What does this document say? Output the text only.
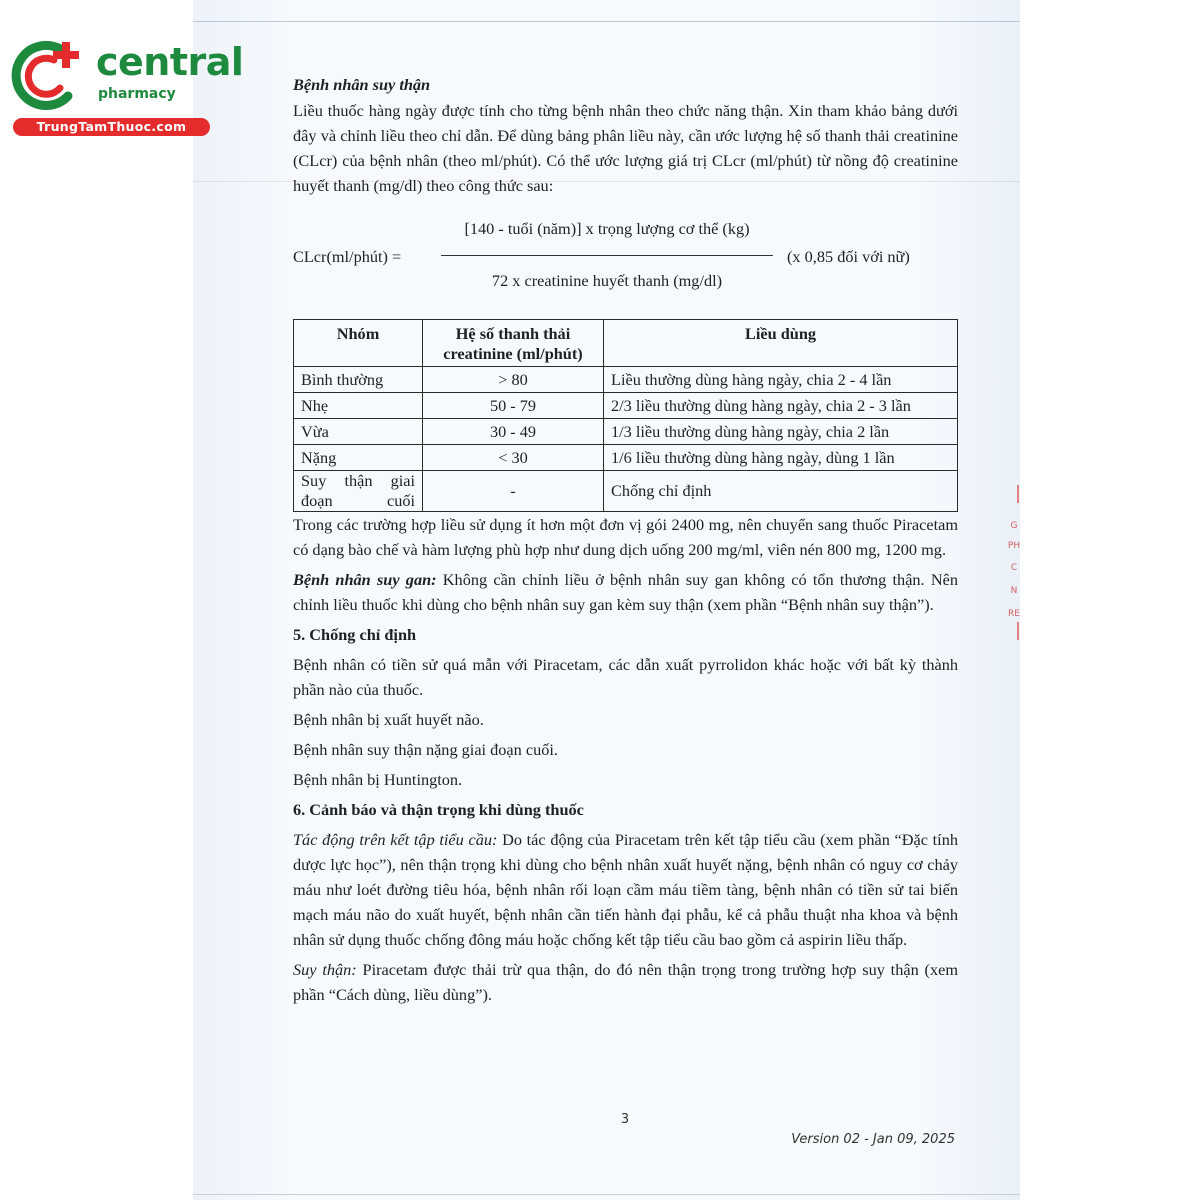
central
pharmacy
TrungTamThuoc.com
Bệnh nhân suy thận

Liều thuốc hàng ngày được tính cho từng bệnh nhân theo chức năng thận. Xin tham khảo bảng dưới đây và chỉnh liều theo chỉ dẫn. Để dùng bảng phân liều này, cần ước lượng hệ số thanh thải creatinine (CLcr) của bệnh nhân (theo ml/phút). Có thể ước lượng giá trị CLcr (ml/phút) từ nồng độ creatinine huyết thanh (mg/dl) theo công thức sau:

CLcr(ml/phút) =
[140 - tuổi (năm)] x trọng lượng cơ thể (kg)
72 x creatinine huyết thanh (mg/dl)
(x 0,85 đối với nữ)
Nhóm	Hệ số thanh thải creatinine (ml/phút)	Liều dùng
Bình thường	> 80	Liều thường dùng hàng ngày, chia 2 - 4 lần
Nhẹ	50 - 79	2/3 liều thường dùng hàng ngày, chia 2 - 3 lần
Vừa	30 - 49	1/3 liều thường dùng hàng ngày, chia 2 lần
Nặng	< 30	1/6 liều thường dùng hàng ngày, dùng 1 lần
Suy thận giai đoạn cuối	-	Chống chỉ định

Trong các trường hợp liều sử dụng ít hơn một đơn vị gói 2400 mg, nên chuyển sang thuốc Piracetam có dạng bào chế và hàm lượng phù hợp như dung dịch uống 200 mg/ml, viên nén 800 mg, 1200 mg.

Bệnh nhân suy gan: Không cần chỉnh liều ở bệnh nhân suy gan không có tổn thương thận. Nên chỉnh liều thuốc khi dùng cho bệnh nhân suy gan kèm suy thận (xem phần “Bệnh nhân suy thận”).

5. Chống chỉ định

Bệnh nhân có tiền sử quá mẫn với Piracetam, các dẫn xuất pyrrolidon khác hoặc với bất kỳ thành phần nào của thuốc.

Bệnh nhân bị xuất huyết não.

Bệnh nhân suy thận nặng giai đoạn cuối.

Bệnh nhân bị Huntington.

6. Cảnh báo và thận trọng khi dùng thuốc

Tác động trên kết tập tiểu cầu: Do tác động của Piracetam trên kết tập tiểu cầu (xem phần “Đặc tính dược lực học”), nên thận trọng khi dùng cho bệnh nhân xuất huyết nặng, bệnh nhân có nguy cơ chảy máu như loét đường tiêu hóa, bệnh nhân rối loạn cầm máu tiềm tàng, bệnh nhân có tiền sử tai biến mạch máu não do xuất huyết, bệnh nhân cần tiến hành đại phẫu, kể cả phẫu thuật nha khoa và bệnh nhân sử dụng thuốc chống đông máu hoặc chống kết tập tiểu cầu bao gồm cả aspirin liều thấp.

Suy thận: Piracetam được thải trừ qua thận, do đó nên thận trọng trong trường hợp suy thận (xem phần “Cách dùng, liều dùng”).

3
Version 02 - Jan 09, 2025
G
PH
C
N
RE
